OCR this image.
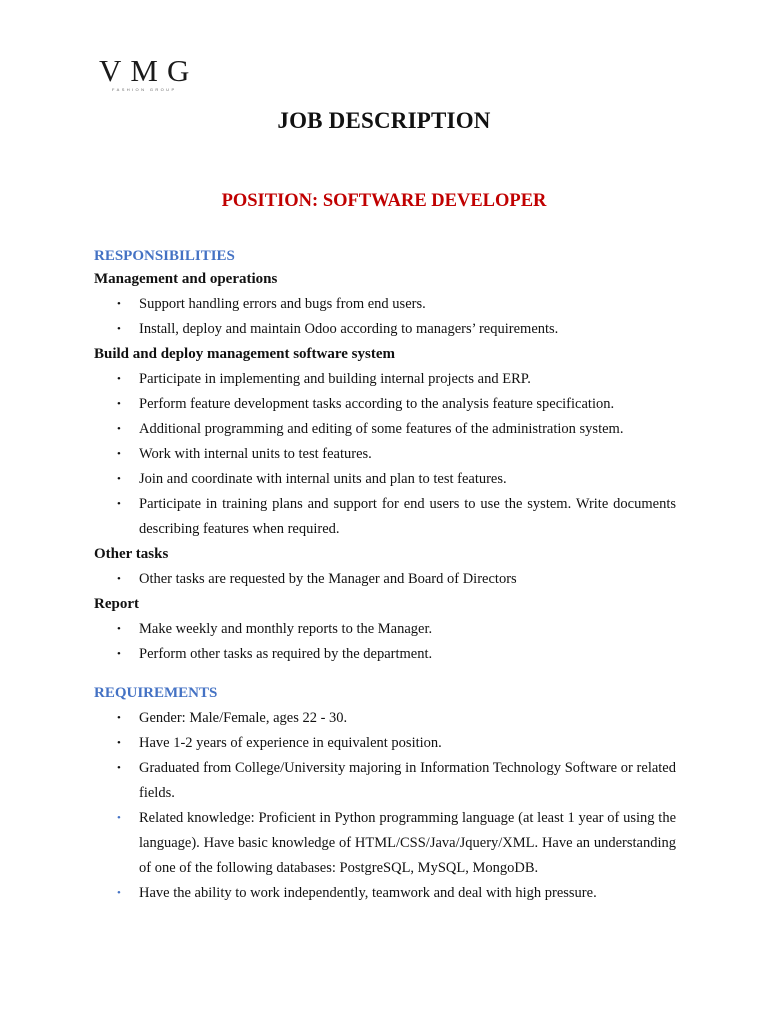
VMG
FASHION GROUP
JOB DESCRIPTION
POSITION: SOFTWARE DEVELOPER
RESPONSIBILITIES
Management and operations
• Support handling errors and bugs from end users.
• Install, deploy and maintain Odoo according to managers’ requirements.
Build and deploy management software system
• Participate in implementing and building internal projects and ERP.
• Perform feature development tasks according to the analysis feature specification.
• Additional programming and editing of some features of the administration system.
• Work with internal units to test features.
• Join and coordinate with internal units and plan to test features.
• Participate in training plans and support for end users to use the system. Write documents describing features when required.
Other tasks
• Other tasks are requested by the Manager and Board of Directors
Report
• Make weekly and monthly reports to the Manager.
• Perform other tasks as required by the department.
REQUIREMENTS
• Gender: Male/Female, ages 22 - 30.
• Have 1-2 years of experience in equivalent position.
• Graduated from College/University majoring in Information Technology Software or related fields.
• Related knowledge: Proficient in Python programming language (at least 1 year of using the language). Have basic knowledge of HTML/CSS/Java/Jquery/XML. Have an understanding of one of the following databases: PostgreSQL, MySQL, MongoDB.
• Have the ability to work independently, teamwork and deal with high pressure.
